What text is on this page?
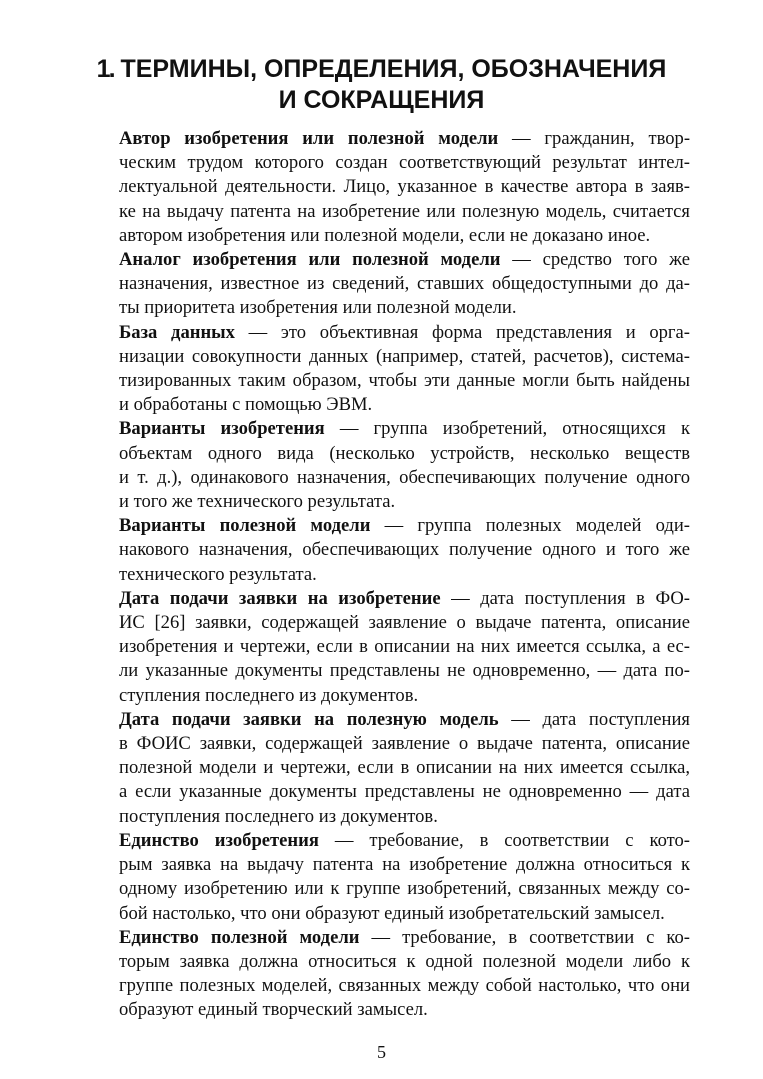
1. ТЕРМИНЫ, ОПРЕДЕЛЕНИЯ, ОБОЗНАЧЕНИЯ
И СОКРАЩЕНИЯ

Автор изобретения или полезной модели — гражданин, твор-
ческим трудом которого создан соответствующий результат интел-
лектуальной деятельности. Лицо, указанное в качестве автора в заяв-
ке на выдачу патента на изобретение или полезную модель, считается
автором изобретения или полезной модели, если не доказано иное.

Аналог изобретения или полезной модели — средство того же
назначения, известное из сведений, ставших общедоступными до да-
ты приоритета изобретения или полезной модели.

База данных — это объективная форма представления и орга-
низации совокупности данных (например, статей, расчетов), система-
тизированных таким образом, чтобы эти данные могли быть найдены
и обработаны с помощью ЭВМ.

Варианты изобретения — группа изобретений, относящихся к
объектам одного вида (несколько устройств, несколько веществ
и т. д.), одинакового назначения, обеспечивающих получение одного
и того же технического результата.

Варианты полезной модели — группа полезных моделей оди-
накового назначения, обеспечивающих получение одного и того же
технического результата.

Дата подачи заявки на изобретение — дата поступления в ФО-
ИС [26] заявки, содержащей заявление о выдаче патента, описание
изобретения и чертежи, если в описании на них имеется ссылка, а ес-
ли указанные документы представлены не одновременно, — дата по-
ступления последнего из документов.

Дата подачи заявки на полезную модель — дата поступления
в ФОИС заявки, содержащей заявление о выдаче патента, описание
полезной модели и чертежи, если в описании на них имеется ссылка,
а если указанные документы представлены не одновременно — дата
поступления последнего из документов.

Единство изобретения — требование, в соответствии с кото-
рым заявка на выдачу патента на изобретение должна относиться к
одному изобретению или к группе изобретений, связанных между со-
бой настолько, что они образуют единый изобретательский замысел.

Единство полезной модели — требование, в соответствии с ко-
торым заявка должна относиться к одной полезной модели либо к
группе полезных моделей, связанных между собой настолько, что они
образуют единый творческий замысел.

5
